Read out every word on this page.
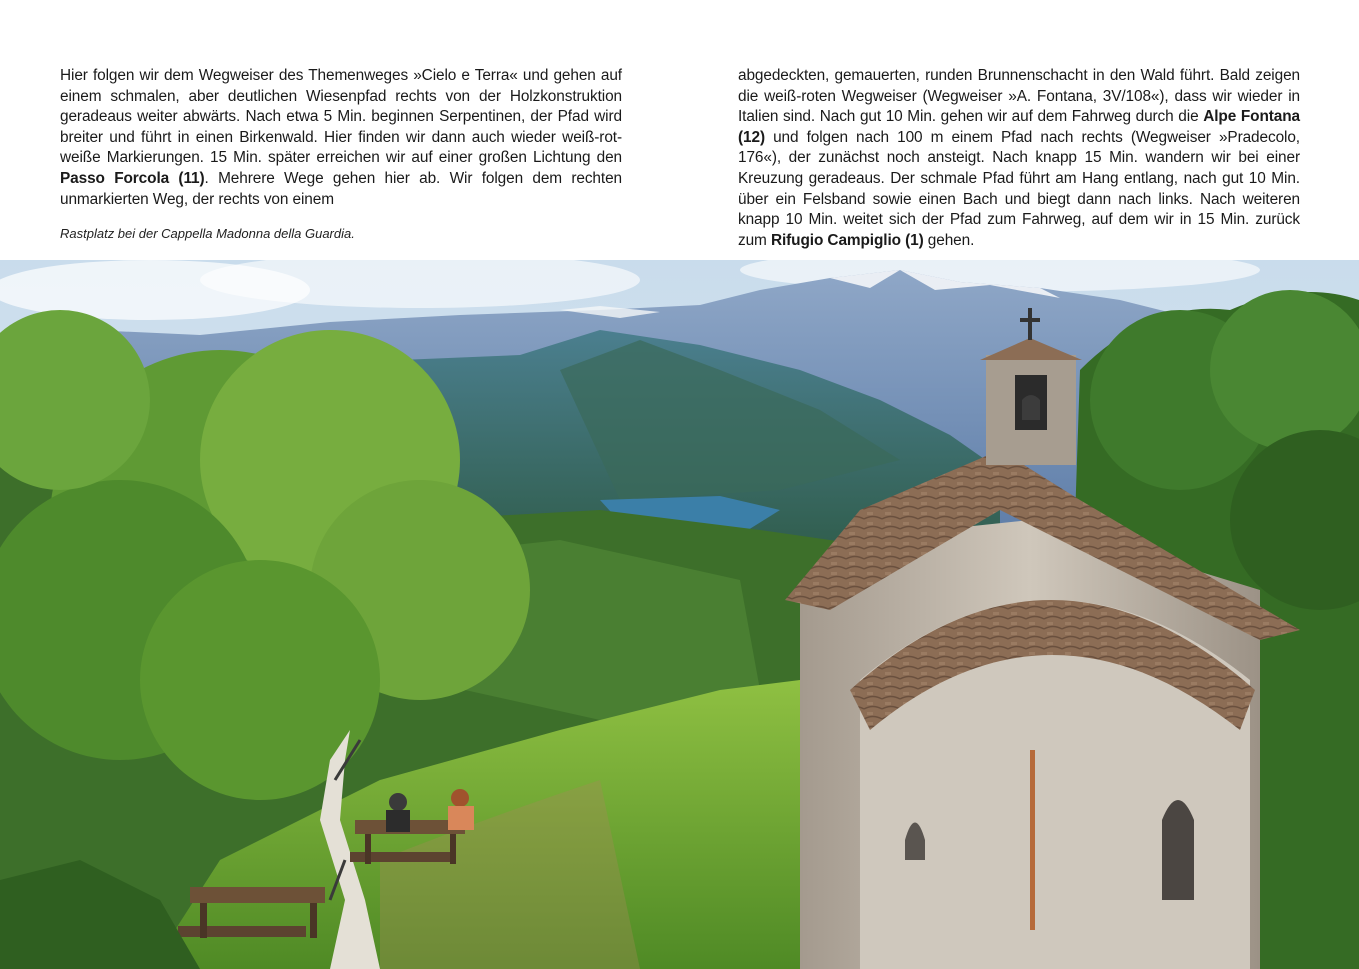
Hier folgen wir dem Wegweiser des Themenweges »Cielo e Terra« und gehen auf einem schmalen, aber deutlichen Wiesenpfad rechts von der Holzkonstruktion geradeaus weiter abwärts. Nach etwa 5 Min. beginnen Serpentinen, der Pfad wird breiter und führt in einen Birkenwald. Hier finden wir dann auch wieder weiß-rot-weiße Markierungen. 15 Min. später erreichen wir auf einer großen Lichtung den Passo Forcola (11). Mehrere Wege gehen hier ab. Wir folgen dem rechten unmarkierten Weg, der rechts von einem
Rastplatz bei der Cappella Madonna della Guardia.
abgedeckten, gemauerten, runden Brunnenschacht in den Wald führt. Bald zeigen die weiß-roten Wegweiser (Wegweiser »A. Fontana, 3V/108«), dass wir wieder in Italien sind. Nach gut 10 Min. gehen wir auf dem Fahrweg durch die Alpe Fontana (12) und folgen nach 100 m einem Pfad nach rechts (Wegweiser »Pradecolo, 176«), der zunächst noch ansteigt. Nach knapp 15 Min. wandern wir bei einer Kreuzung geradeaus. Der schmale Pfad führt am Hang entlang, nach gut 10 Min. über ein Felsband sowie einen Bach und biegt dann nach links. Nach weiteren knapp 10 Min. weitet sich der Pfad zum Fahrweg, auf dem wir in 15 Min. zurück zum Rifugio Campiglio (1) gehen.
